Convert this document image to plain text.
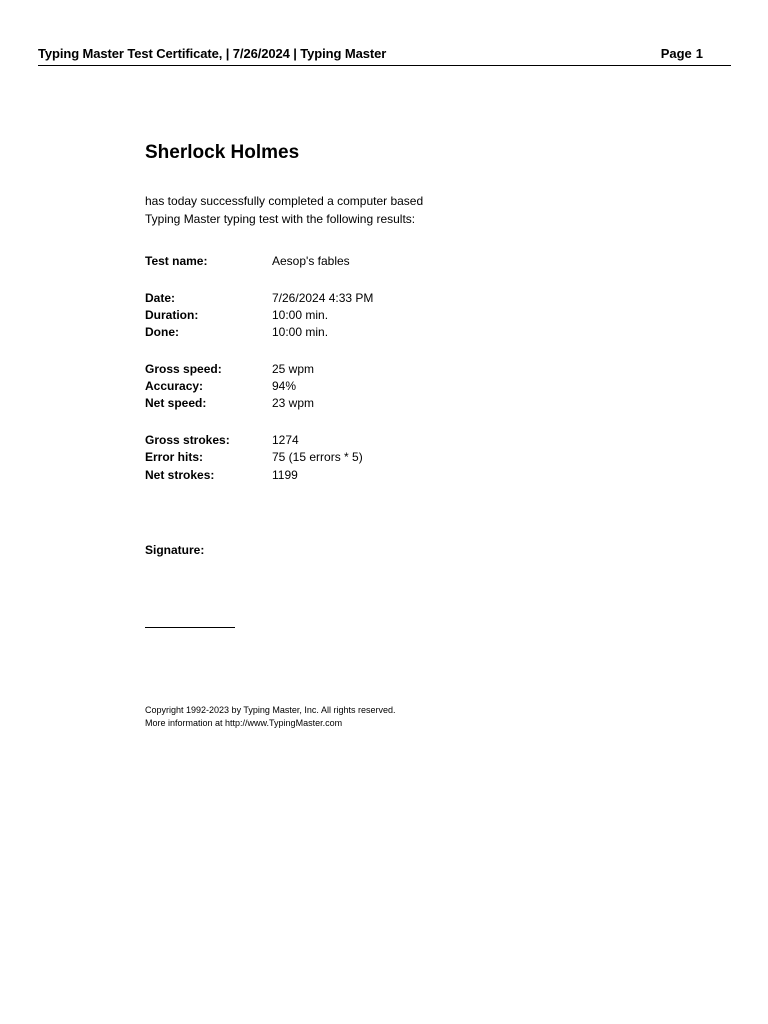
Typing Master Test Certificate, | 7/26/2024 | Typing Master	Page 1
Sherlock Holmes
has today successfully completed a computer based
Typing Master typing test with the following results:
Test name:	Aesop's fables
Date:	7/26/2024 4:33 PM
Duration:	10:00 min.
Done:	10:00 min.
Gross speed:	25 wpm
Accuracy:	94%
Net speed:	23 wpm
Gross strokes:	1274
Error hits:	75 (15 errors * 5)
Net strokes:	1199
Signature:
Copyright 1992-2023 by Typing Master, Inc. All rights reserved.
More information at http://www.TypingMaster.com
